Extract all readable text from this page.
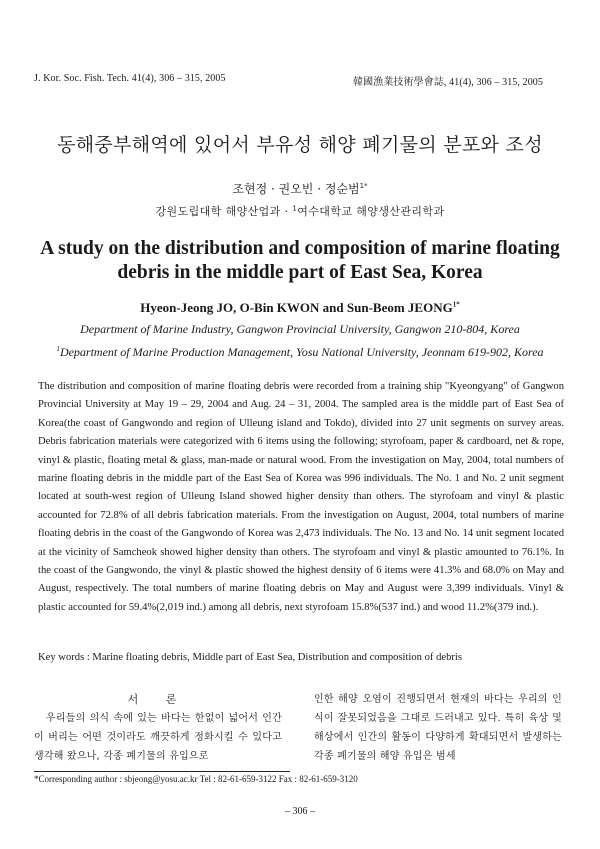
J. Kor. Soc. Fish. Tech. 41(4), 306 – 315, 2005	韓國漁業技術學會誌, 41(4), 306 – 315, 2005
동해중부해역에 있어서 부유성 해양 폐기물의 분포와 조성
조현정 · 권오빈 · 정순범$^{1*}$
강원도립대학 해양산업과 · $^1$여수대학교 해양생산관리학과
A study on the distribution and composition of marine floating debris in the middle part of East Sea, Korea
Hyeon-Jeong JO, O-Bin KWON and Sun-Beom $JEONG^{1*}$
Department of Marine Industry, Gangwon Provincial University, Gangwon 210-804, Korea
$^1$Department of Marine Production Management, Yosu National University, Jeonnam 619-902, Korea
The distribution and composition of marine floating debris were recorded from a training ship "Kyeongyang" of Gangwon Provincial University at May 19 – 29, 2004 and Aug. 24 – 31, 2004. The sampled area is the middle part of East Sea of Korea(the coast of Gangwondo and region of Ulleung island and Tokdo), divided into 27 unit segments on survey areas. Debris fabrication materials were categorized with 6 items using the following; styrofoam, paper & cardboard, net & rope, vinyl & plastic, floating metal & glass, man-made or natural wood. From the investigation on May, 2004, total numbers of marine floating debris in the middle part of the East Sea of Korea was 996 individuals. The No. 1 and No. 2 unit segment located at south-west region of Ulleung Island showed higher density than others. The styrofoam and vinyl & plastic accounted for 72.8% of all debris fabrication materials. From the investigation on August, 2004, total numbers of marine floating debris in the coast of the Gangwondo of Korea was 2,473 individuals. The No. 13 and No. 14 unit segment located at the vicinity of Samcheok showed higher density than others. The styrofoam and vinyl & plastic amounted to 76.1%. In the coast of the Gangwondo, the vinyl & plastic showed the highest density of 6 items were 41.3% and 68.0% on May and August, respectively. The total numbers of marine floating debris on May and August were 3,399 individuals. Vinyl & plastic accounted for 59.4%(2,019 ind.) among all debris, next styrofoam 15.8%(537 ind.) and wood 11.2%(379 ind.).
Key words : Marine floating debris, Middle part of East Sea, Distribution and composition of debris
서 론
우리들의 의식 속에 있는 바다는 한없이 넓어서 인간이 버리는 어떤 것이라도 깨끗하게 정화시킬 수 있다고 생각해 왔으나, 각종 폐기물의 유입으로
인한 해양 오염이 진행되면서 현재의 바다는 우리의 인식이 잘못되었음을 그대로 드러내고 있다. 특히 육상 및 해상에서 인간의 활동이 다양하게 확대되면서 발생하는 각종 폐기물의 해양 유입은 범세
*Corresponding author : sbjeong@yosu.ac.kr Tel : 82-61-659-3122 Fax : 82-61-659-3120
– 306 –
